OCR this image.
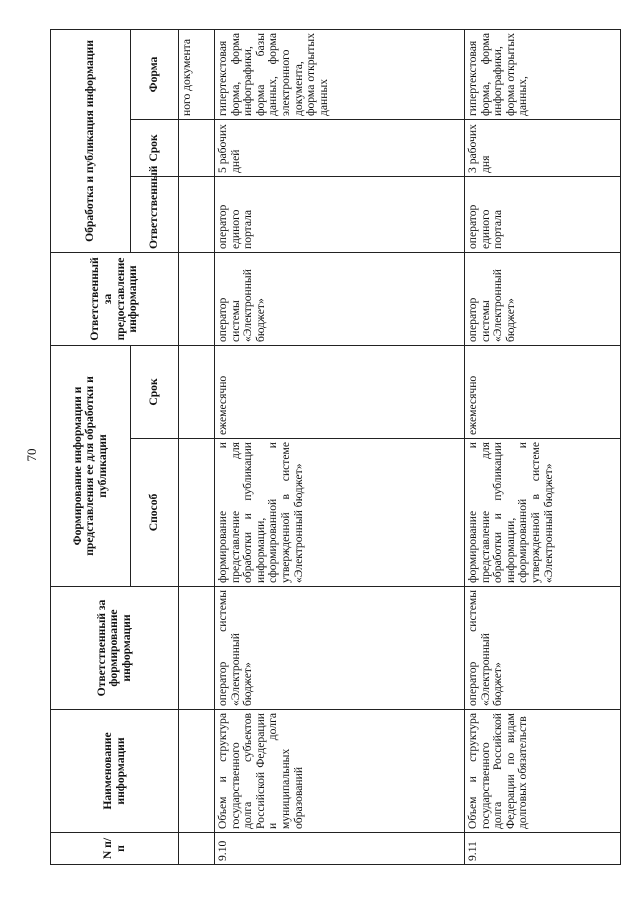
70
N п/п	Наименование информации	Ответственный за формирование информации	Формирование информации и представления ее для обработки и публикации		Ответственный за предоставление информации	Обработка и публикация информации		
			Способ	Срок		Ответственный	Срок	Форма
								ного документа
9.10	Объем и структура государственного долга субъектов Российской Федерации и долга муниципальных образований	оператор системы «Электронный бюджет»	формирование и представление для обработки и публикации информации, сформированной и утвержденной в системе «Электронный бюджет»	ежемесячно	оператор системы «Электронный бюджет»	оператор единого портала	5 рабочих дней	гипертекстовая форма, форма инфографики, форма базы данных, форма электронного документа, форма открытых данных
9.11	Объем и структура государственного долга Российской Федерации по видам долговых обязательств	оператор системы «Электронный бюджет»	формирование и представление для обработки и публикации информации, сформированной и утвержденной в системе «Электронный бюджет»	ежемесячно	оператор системы «Электронный бюджет»	оператор единого портала	3 рабочих дня	гипертекстовая форма, форма инфографики, форма открытых данных,
